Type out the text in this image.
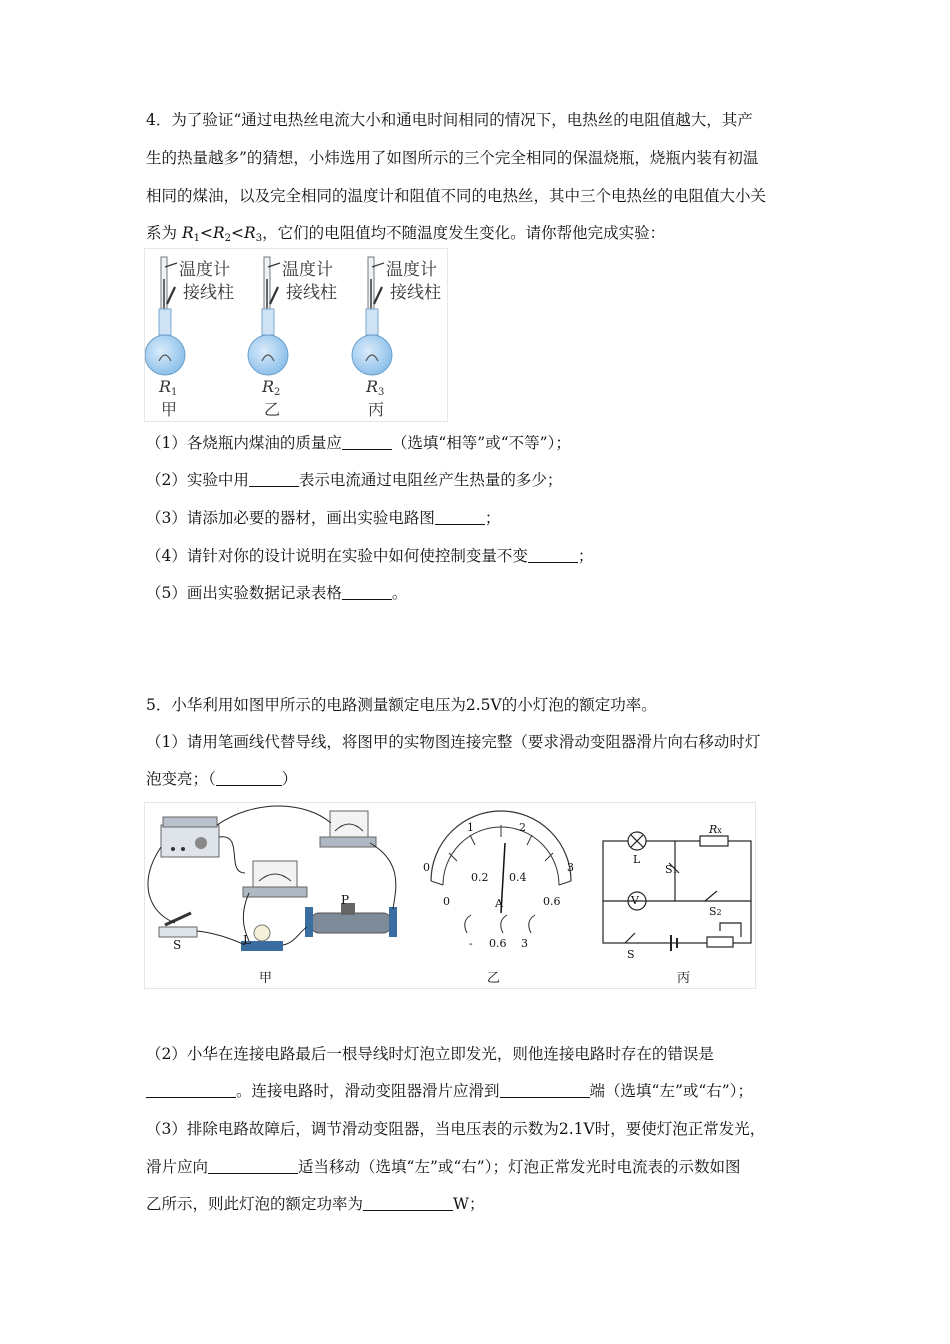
4．为了验证“通过电热丝电流大小和通电时间相同的情况下，电热丝的电阻值越大，其产
生的热量越多”的猜想，小炜选用了如图所示的三个完全相同的保温烧瓶，烧瓶内装有初温
相同的煤油，以及完全相同的温度计和阻值不同的电热丝，其中三个电热丝的电阻值大小关
系为 $R_1<R_2<R_3$，它们的电阻值均不随温度发生变化。请你帮他完成实验：
温度计
接线柱
温度计
接线柱
温度计
接线柱
$R_1$
甲
$R_2$
乙
$R_3$
丙
（1）各烧瓶内煤油的质量应	（选填“相等”或“不等”）；
（2）实验中用	表示电流通过电阻丝产生热量的多少；
（3）请添加必要的器材，画出实验电路图	；
（4）请针对你的设计说明在实验中如何使控制变量不变	；
（5）画出实验数据记录表格	。
5．小华利用如图甲所示的电路测量额定电压为2.5V的小灯泡的额定功率。
（1）请用笔画线代替导线，将图甲的实物图连接完整（要求滑动变阻器滑片向右移动时灯
泡变亮；（	）
S	L
P
甲
0
1	2
3
0
0.2 0.4
0.6
A
- 0.6 3
乙
L
Rx
S1
V
S2
S
丙
（2）小华在连接电路最后一根导线时灯泡立即发光，则他连接电路时存在的错误是
。连接电路时，滑动变阻器滑片应滑到	端（选填“左”或“右”）；
（3）排除电路故障后，调节滑动变阻器，当电压表的示数为2.1V时，要使灯泡正常发光，
滑片应向	适当移动（选填“左”或“右”）；灯泡正常发光时电流表的示数如图
乙所示，则此灯泡的额定功率为	W；
